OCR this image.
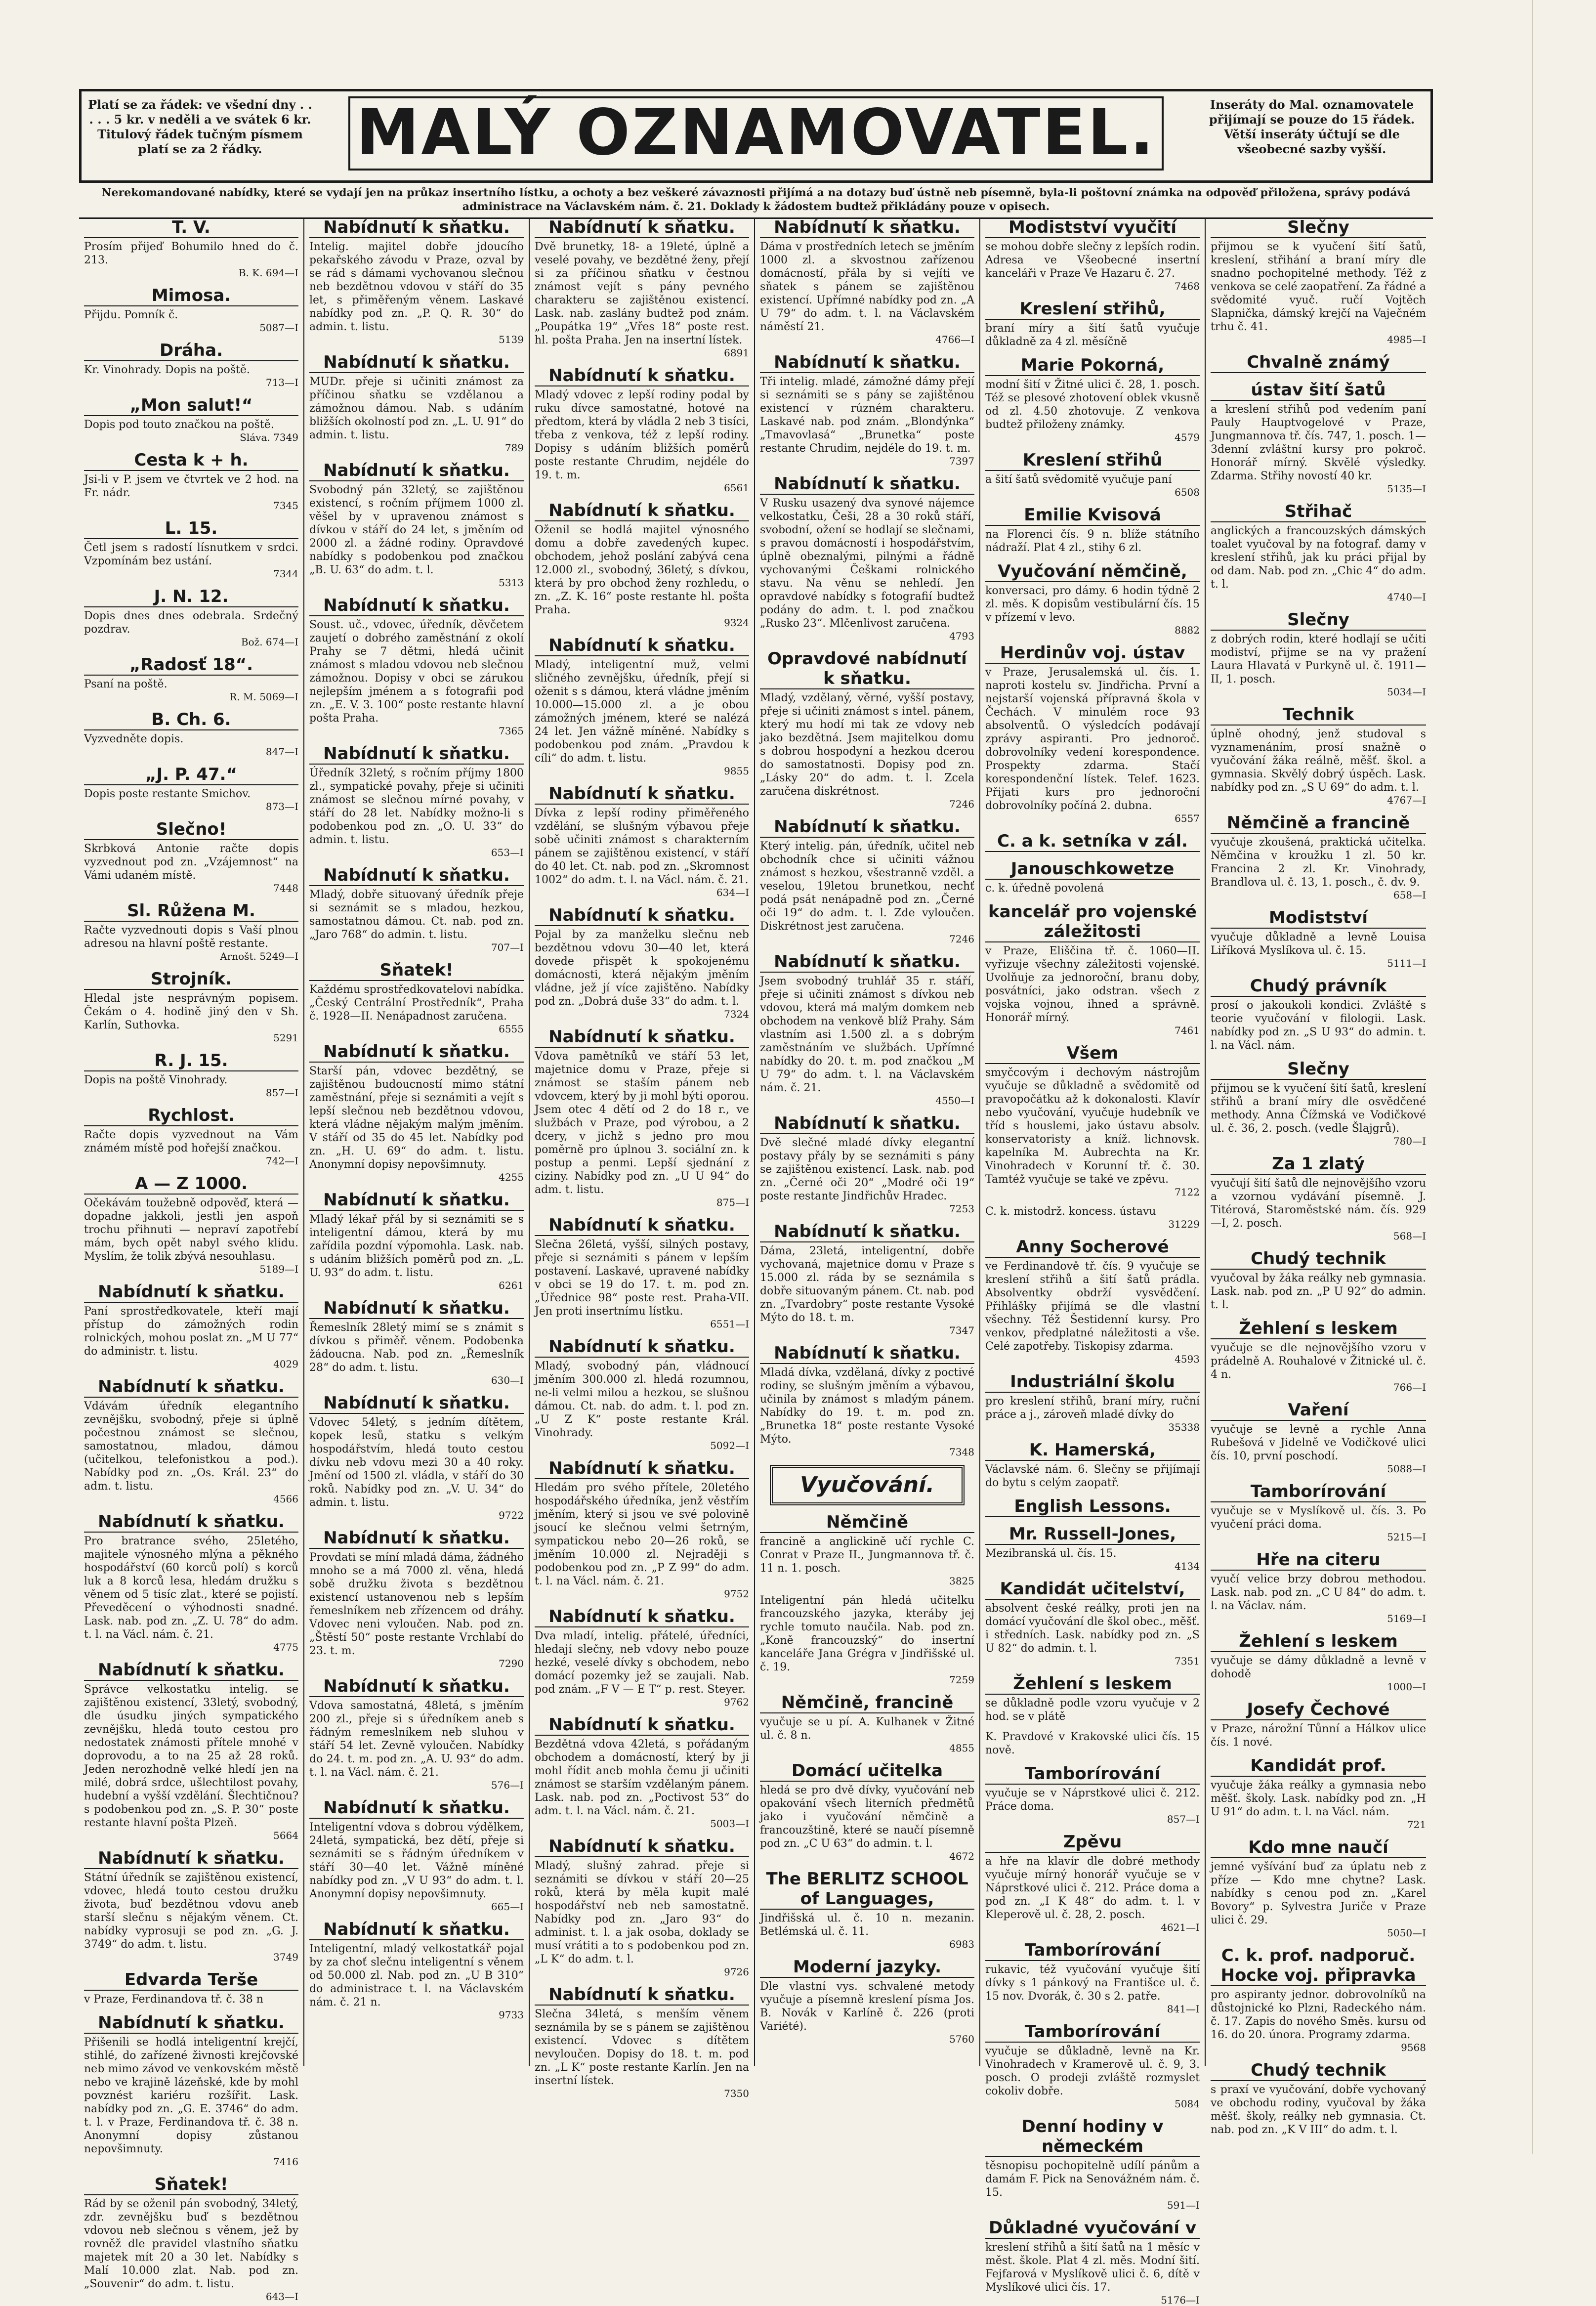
Platí se za řádek: ve všední dny . . . . . 5 kr. v neděli a ve svátek 6 kr. Titulový řádek tučným písmem platí se za 2 řádky.	MALÝ OZNAMOVATEL.	Inseráty do Mal. oznamovatele přijímají se pouze do 15 řádek. Větší inseráty účtují se dle všeobecné sazby vyšší.
Nerekomandované nabídky, které se vydají jen na průkaz insertního lístku, a ochoty a bez veškeré závaznosti přijímá a na dotazy buď ústně neb písemně, byla-li poštovní známka na odpověď přiložena, správy podává administrace na Václavském nám. č. 21. Doklady k žádostem budtež přikládány pouze v opisech.
T. V.
Prosím přijeď Bohumilo hned do č. 213.
B. K. 694—I
Mimosa.
Přijdu. Pomník č.
5087—I
Dráha.
Kr. Vinohrady. Dopis na poště.
713—I
„Mon salut!“
Dopis pod touto značkou na poště.
Sláva. 7349
Cesta k + h.
Jsi-li v P. jsem ve čtvrtek ve 2 hod. na Fr. nádr.
7345
L. 15.
Četl jsem s radostí lísnutkem v srdci. Vzpomínám bez ustání.
7344
J. N. 12.
Dopis dnes dnes odebrala. Srdečný pozdrav.
Bož. 674—I
„Radosť 18“.
Psaní na poště.
R. M. 5069—I
B. Ch. 6.
Vyzvedněte dopis.
847—I
„J. P. 47.“
Dopis poste restante Smichov.
873—I
Slečno!
Skrbková Antonie račte dopis vyzvednout pod zn. „Vzájemnost“ na Vámi udaném místě.
7448
Sl. Růžena M.
Račte vyzvednouti dopis s Vaší plnou adresou na hlavní poště restante.
Arnošt. 5249—I
Strojník.
Hledal jste nesprávným popisem. Čekám o 4. hodině jiný den v Sh. Karlín, Suthovka.
5291
R. J. 15.
Dopis na poště Vinohrady.
857—I
Rychlost.
Račte dopis vyzvednout na Vám známém místě pod hořejší značkou.
742—I
A — Z 1000.
Očekávám toužebně odpověď, která — dopadne jakkoli, jestli jen aspoň trochu přihnuti — nepraví zapotřebí mám, bych opět nabyl svého klidu. Myslím, že tolik zbývá nesouhlasu.
5189—I
Nabídnutí k sňatku.
Paní sprostředkovatele, kteří mají přístup do zámožných rodin rolnických, mohou poslat zn. „M U 77“ do administr. t. listu.
4029
Nabídnutí k sňatku.
Vdávám úředník elegantního zevnějšku, svobodný, přeje si úplně počestnou známost se slečnou, samostatnou, mladou, dámou (učitelkou, telefonistkou a pod.). Nabídky pod zn. „Os. Král. 23“ do adm. t. listu.
4566
Nabídnutí k sňatku.
Pro bratrance svého, 25letého, majitele výnosného mlýna a pěkného hospodářství (60 korců polí) s korců luk a 8 korců lesa, hledám družku s věnem od 5 tisíc zlat., které se pojistí. Převeděcení o výhodnosti snadné. Lask. nab. pod zn. „Z. U. 78“ do adm. t. l. na Václ. nám. č. 21.
4775
Nabídnutí k sňatku.
Správce velkostatku intelig. se zajištěnou existencí, 33letý, svobodný, dle úsudku jiných sympatického zevnějšku, hledá touto cestou pro nedostatek známosti přítele mnohé v doprovodu, a to na 25 až 28 roků. Jeden nerozhodně velké hledí jen na milé, dobrá srdce, ušlechtilost povahy, hudební a vyšší vzdělání. Šlechtičnou? s podobenkou pod zn. „S. P. 30“ poste restante hlavní pošta Plzeň.
5664
Nabídnutí k sňatku.
Státní úředník se zajištěnou existencí, vdovec, hledá touto cestou družku života, buď bezdětnou vdovu aneb starší slečnu s nějakým věnem. Ct. nabídky vyprosuji se pod zn. „G. J. 3749“ do adm. t. listu.
3749
Edvarda Terše
v Praze, Ferdinandova tř. č. 38 n
Nabídnutí k sňatku.
Přišenili se hodlá inteligentní krejčí, stihlé, do zařízené živnosti krejčovské neb mimo závod ve venkovském městě nebo ve krajině lázeňské, kde by mohl povznést kariéru rozšířit. Lask. nabídky pod zn. „G. E. 3746“ do adm. t. l. v Praze, Ferdinandova tř. č. 38 n. Anonymní dopisy zůstanou nepovšimnuty.
7416
Sňatek!
Rád by se oženil pán svobodný, 34letý, zdr. zevnějšku buď s bezdětnou vdovou neb slečnou s věnem, jež by rovněž dle pravidel vlastního sňatku majetek mít 20 a 30 let. Nabídky s Malí 10.000 zlat. Nab. pod zn. „Souvenir“ do adm. t. listu.
643—I
Nabídnutí k sňatku.
Intelig. majitel dobře jdoucího pekařského závodu v Praze, ozval by se rád s dámami vychovanou slečnou neb bezdětnou vdovou v stáří do 35 let, s přiměřeným věnem. Laskavé nabídky pod zn. „P. Q. R. 30“ do admin. t. listu.
5139
Nabídnutí k sňatku.
MUDr. přeje si učiniti známost za příčinou sňatku se vzdělanou a zámožnou dámou. Nab. s udáním bližších okolností pod zn. „L. U. 91“ do admin. t. listu.
789
Nabídnutí k sňatku.
Svobodný pán 32letý, se zajištěnou existencí, s ročním příjmem 1000 zl. věšel by v upravenou známost s dívkou v stáří do 24 let, s jměním od 2000 zl. a žádné rodiny. Opravdové nabídky s podobenkou pod značkou „B. U. 63“ do adm. t. l.
5313
Nabídnutí k sňatku.
Soust. uč., vdovec, úředník, děvčetem zaujetí o dobrého zaměstnání z okolí Prahy se 7 dětmi, hledá učinit známost s mladou vdovou neb slečnou zámožnou. Dopisy v obci se zárukou nejlepším jménem a s fotografii pod zn. „E. V. 3. 100“ poste restante hlavní pošta Praha.
7365
Nabídnutí k sňatku.
Úředník 32letý, s ročním příjmy 1800 zl., sympatické povahy, přeje si učiniti známost se slečnou mírné povahy, v stáří do 28 let. Nabídky možno-li s podobenkou pod zn. „O. U. 33“ do admin. t. listu.
653—I
Nabídnutí k sňatku.
Mladý, dobře situovaný úředník přeje si seznámit se s mladou, hezkou, samostatnou dámou. Ct. nab. pod zn. „Jaro 768“ do admin. t. listu.
707—I
Sňatek!
Každému sprostředkovatelovi nabídka. „Český Centrální Prostředník“, Praha č. 1928—II. Nenápadnost zaručena.
6555
Nabídnutí k sňatku.
Starší pán, vdovec bezdětný, se zajištěnou budoucností mimo státní zaměstnání, přeje si seznámiti a vejít s lepší slečnou neb bezdětnou vdovou, která vládne nějakým malým jměním. V stáří od 35 do 45 let. Nabídky pod zn. „H. U. 69“ do adm. t. listu. Anonymní dopisy nepovšimnuty.
4255
Nabídnutí k sňatku.
Mladý lékař přál by si seznámiti se s inteligentní dámou, která by mu zařídila pozdní výpomohla. Lask. nab. s udáním bližších poměrů pod zn. „L. U. 93“ do adm. t. listu.
6261
Nabídnutí k sňatku.
Řemeslník 28letý mimí se s známit s dívkou s přiměř. věnem. Podobenka žádoucna. Nab. pod zn. „Řemeslník 28“ do adm. t. listu.
630—I
Nabídnutí k sňatku.
Vdovec 54letý, s jedním dítětem, kopek lesů, statku s velkým hospodářstvím, hledá touto cestou dívku neb vdovu mezi 30 a 40 roky. Jmění od 1500 zl. vládla, v stáří do 30 roků. Nabídky pod zn. „V. U. 34“ do admin. t. listu.
9722
Nabídnutí k sňatku.
Provdati se míní mladá dáma, žádného mnoho se a má 7000 zl. věna, hledá sobě družku života s bezdětnou existencí ustanovenou neb s lepším řemeslníkem neb zřízencem od dráhy. Vdovec neni vyloučen. Nab. pod zn. „Štěstí 50“ poste restante Vrchlabí do 23. t. m.
7290
Nabídnutí k sňatku.
Vdova samostatná, 48letá, s jměním 200 zl., přeje si s úředníkem aneb s řádným remeslníkem neb sluhou v stáří 54 let. Zevně vyloučen. Nabídky do 24. t. m. pod zn. „A. U. 93“ do adm. t. l. na Václ. nám. č. 21.
576—I
Nabídnutí k sňatku.
Inteligentní vdova s dobrou výdělkem, 24letá, sympatická, bez dětí, přeje si seznámiti se s řádným úředníkem v stáří 30—40 let. Vážně míněné nabídky pod zn. „V U 93“ do adm. t. l. Anonymní dopisy nepovšimnuty.
665—I
Nabídnutí k sňatku.
Inteligentní, mladý velkostatkář pojal by za choť slečnu inteligentní s věnem od 50.000 zl. Nab. pod zn. „U B 310“ do administrace t. l. na Václavském nám. č. 21 n.
9733
Nabídnutí k sňatku.
Dvě brunetky, 18- a 19leté, úplně a veselé povahy, ve bezdětné ženy, přejí si za příčinou sňatku v čestnou známost vejít s pány pevného charakteru se zajištěnou existencí. Lask. nab. zaslány budtež pod znám. „Poupátka 19“ „Vřes 18“ poste rest. hl. pošta Praha. Jen na insertní lístek.
6891
Nabídnutí k sňatku.
Mladý vdovec z lepší rodiny podal by ruku dívce samostatné, hotové na předtom, která by vládla 2 neb 3 tisíci, třeba z venkova, též z lepší rodiny. Dopisy s udáním bližších poměrů poste restante Chrudim, nejdéle do 19. t. m.
6561
Nabídnutí k sňatku.
Oženil se hodlá majitel výnosného domu a dobře zavedených kupec. obchodem, jehož poslání zabývá cena 12.000 zl., svobodný, 36letý, s dívkou, která by pro obchod ženy rozhledu, o zn. „Z. K. 16“ poste restante hl. pošta Praha.
9324
Nabídnutí k sňatku.
Mladý, inteligentní muž, velmi sličného zevnějšku, úředník, přejí si oženit s s dámou, která vládne jměním 10.000—15.000 zl. a je obou zámožných jménem, které se nalézá 24 let. Jen vážně míněné. Nabídky s podobenkou pod znám. „Pravdou k cíli“ do adm. t. listu.
9855
Nabídnutí k sňatku.
Dívka z lepší rodiny přiměřeného vzdělání, se slušným výbavou přeje sobě učiniti známost s charakterním pánem se zajištěnou existencí, v stáří do 40 let. Ct. nab. pod zn. „Skromnost 1002“ do adm. t. l. na Václ. nám. č. 21.
634—I
Nabídnutí k sňatku.
Pojal by za manželku slečnu neb bezdětnou vdovu 30—40 let, která dovede přispět k spokojenému domácnosti, která nějakým jměním vládne, jež jí více zajištěno. Nabídky pod zn. „Dobrá duše 33“ do adm. t. l.
7324
Nabídnutí k sňatku.
Vdova pamětníků ve stáří 53 let, majetnice domu v Praze, přeje si známost se staším pánem neb vdovcem, který by ji mohl býti oporou. Jsem otec 4 dětí od 2 do 18 r., ve službách v Praze, pod výrobou, a 2 dcery, v jichž s jedno pro mou poměrně pro úplnou 3. sociální zn. k postup a penmi. Lepší sjednání z ciziny. Nabídky pod zn. „U U 94“ do adm. t. listu.
875—I
Nabídnutí k sňatku.
Slečna 26letá, vyšší, silných postavy, přeje si seznámiti s pánem v lepším postavení. Laskavé, upravené nabídky v obci se 19 do 17. t. m. pod zn. „Úřednice 98“ poste rest. Praha-VII. Jen proti insertnímu lístku.
6551—I
Nabídnutí k sňatku.
Mladý, svobodný pán, vládnoucí jměním 300.000 zl. hledá rozumnou, ne-li velmi milou a hezkou, se slušnou dámou. Ct. nab. do adm. t. l. pod zn. „U Z K“ poste restante Král. Vinohrady.
5092—I
Nabídnutí k sňatku.
Hledám pro svého přítele, 20letého hospodářského úředníka, jenž věstřím jměním, který si jsou ve své polovině jsoucí ke slečnou velmi šetrným, sympatickou nebo 20—26 roků, se jměním 10.000 zl. Nejraději s podobenkou pod zn. „P Z 99“ do adm. t. l. na Václ. nám. č. 21.
9752
Nabídnutí k sňatku.
Dva mladí, intelig. přátelé, úředníci, hledají slečny, neb vdovy nebo pouze hezké, veselé dívky s obchodem, nebo domácí pozemky jež se zaujali. Nab. pod znám. „F V — E T“ p. rest. Steyer.
9762
Nabídnutí k sňatku.
Bezdětná vdova 42letá, s pořádaným obchodem a domácností, který by ji mohl řídit aneb mohla čemu ji učiniti známost se starším vzdělaným pánem. Lask. nab. pod zn. „Poctivost 53“ do adm. t. l. na Václ. nám. č. 21.
5003—I
Nabídnutí k sňatku.
Mladý, slušný zahrad. přeje si seznámiti se dívkou v stáří 20—25 roků, která by měla kupit malé hospodářství neb neb samostatně. Nabídky pod zn. „Jaro 93“ do administ. t. l. a jak osoba, doklady se musí vrátiti a to s podobenkou pod zn. „L K“ do adm. t. l.
9726
Nabídnutí k sňatku.
Slečna 34letá, s menším věnem seznámila by se s pánem se zajištěnou existencí. Vdovec s dítětem nevyloučen. Dopisy do 18. t. m. pod zn. „L K“ poste restante Karlín. Jen na insertní lístek.
7350
Nabídnutí k sňatku.
Dáma v prostředních letech se jměním 1000 zl. a skvostnou zařízenou domácností, přála by si vejíti ve sňatek s pánem se zajištěnou existencí. Upřímné nabídky pod zn. „A U 79“ do adm. t. l. na Václavském náměstí 21.
4766—I
Nabídnutí k sňatku.
Tři intelig. mladé, zámožné dámy přejí si seznámiti se s pány se zajištěnou existencí v rúzném charakteru. Laskavé nab. pod znám. „Blondýnka“ „Tmavovlasá“ „Brunetka“ poste restante Chrudim, nejdéle do 19. t. m.
7397
Nabídnutí k sňatku.
V Rusku usazený dva synové nájemce velkostatku, Češi, 28 a 30 roků stáří, svobodní, ožení se hodlají se slečnami, s pravou domácností i hospodářstvím, úplně obeznalými, pilnými a řádně vychovanými Češkami rolnického stavu. Na věnu se nehledí. Jen opravdové nabídky s fotografií budtež podány do adm. t. l. pod značkou „Rusko 23“. Mlčenlivost zaručena.
4793
Opravdové nabídnutí k sňatku.
Mladý, vzdělaný, věrné, vyšší postavy, přeje si učiniti známost s intel. pánem, který mu hodí mi tak ze vdovy neb jako bezdětná. Jsem majitelkou domu s dobrou hospodyní a hezkou dcerou do samostatnosti. Dopisy pod zn. „Lásky 20“ do adm. t. l. Zcela zaručena diskrétnost.
7246
Nabídnutí k sňatku.
Který intelig. pán, úředník, učitel neb obchodník chce si učiniti vážnou známost s hezkou, všestranně vzděl. a veselou, 19letou brunetkou, nechť podá psát nenápadně pod zn. „Černé oči 19“ do adm. t. l. Zde vyloučen. Diskrétnost jest zaručena.
7246
Nabídnutí k sňatku.
Jsem svobodný truhlář 35 r. stáří, přeje si učiniti známost s dívkou neb vdovou, která má malým domkem neb obchodem na venkově blíž Prahy. Sám vlastním asi 1.500 zl. a s dobrým zaměstnáním ve službách. Upřímné nabídky do 20. t. m. pod značkou „M U 79“ do adm. t. l. na Václavském nám. č. 21.
4550—I
Nabídnutí k sňatku.
Dvě slečné mladé dívky elegantní postavy přály by se seznámiti s pány se zajištěnou existencí. Lask. nab. pod zn. „Černé oči 20“ „Modré oči 19“ poste restante Jindřichův Hradec.
7253
Nabídnutí k sňatku.
Dáma, 23letá, inteligentní, dobře vychovaná, majetnice domu v Praze s 15.000 zl. ráda by se seznámila s dobře situovaným pánem. Ct. nab. pod zn. „Tvardobry“ poste restante Vysoké Mýto do 18. t. m.
7347
Nabídnutí k sňatku.
Mladá dívka, vzdělaná, dívky z poctivé rodiny, se slušným jměním a výbavou, učinila by známost s mladým pánem. Nabídky do 19. t. m. pod zn. „Brunetka 18“ poste restante Vysoké Mýto.
7348
Vyučování.
Němčině
francině a anglickině učí rychle C. Conrat v Praze II., Jungmannova tř. č. 11 n. 1. posch.
3825
Inteligentní pán hledá učitelku francouzského jazyka, kteráby jej rychle tomuto naučila. Nab. pod zn. „Koně francouzský“ do insertní kanceláře Jana Grégra v Jindřišské ul. č. 19.
7259
Němčině, francině
vyučuje se u pí. A. Kulhanek v Žitné ul. č. 8 n.
4855
Domácí učitelka
hledá se pro dvě dívky, vyučování neb opakování všech literních předmětů jako i vyučování němčině a francouzštině, které se naučí písemně pod zn. „C U 63“ do admin. t. l.
4672
The BERLITZ SCHOOL of Languages,
Jindřišská ul. č. 10 n. mezanin. Betlémská ul. č. 11.
6983
Moderní jazyky.
Dle vlastní vys. schvalené metody vyučuje a písemně kreslení písma Jos. B. Novák v Karlíně č. 226 (proti Variété).
5760
Modistství vyučití
se mohou dobře slečny z lepších rodin. Adresa ve Všeobecné insertní kanceláři v Praze Ve Hazaru č. 27.
7468
Kreslení střihů,
braní míry a šití šatů vyučuje důkladně za 4 zl. měsíčně
Marie Pokorná,
modní šití v Žitné ulici č. 28, 1. posch. Též se plesové zhotovení oblek vkusně od zl. 4.50 zhotovuje. Z venkova budtež přiloženy známky.
4579
Kreslení střihů
a šití šatů svědomitě vyučuje paní
6508
Emilie Kvisová
na Florenci čís. 9 n. blíže státního nádraží. Plat 4 zl., stihy 6 zl.
Vyučování němčině,
konversaci, pro dámy. 6 hodin týdně 2 zl. měs. K dopisům vestibulární čís. 15 v přízemí v levo.
8882
Herdinův voj. ústav
v Praze, Jerusalemská ul. čís. 1. naproti kostelu sv. Jindřicha. První a nejstarší vojenská přípravná škola v Čechách. V minulém roce 93 absolventů. O výsledcích podávají zprávy aspiranti. Pro jednoroč. dobrovolníky vedení korespondence. Prospekty zdarma. Stačí korespondenční lístek. Telef. 1623. Přijati kurs pro jednoroční dobrovolníky počíná 2. dubna.
6557
C. a k. setníka v zál.
Janouschkowetze
c. k. úředně povolená
kancelář pro vojenské záležitosti
v Praze, Eliščina tř. č. 1060—II. vyřizuje všechny záležitosti vojenské. Uvolňuje za jednoroční, branu doby, posvátníci, jako odstran. všech z vojska vojnou, ihned a správně. Honorář mírný.
7461
Všem
smyčcovým i dechovým nástrojům vyučuje se důkladně a svědomitě od pravopočátku až k dokonalosti. Klavír nebo vyučování, vyučuje hudebník ve tříd s houslemi, jako ústavu absolv. konservatoristy a kníž. lichnovsk. kapelníka M. Aubrechta na Kr. Vinohradech v Korunní tř. č. 30. Tamtéž vyučuje se také ve zpěvu.
7122
C. k. mistodrž. koncess. ústavu
31229
Anny Socherové
ve Ferdinandově tř. čís. 9 vyučuje se kreslení střihů a šití šatů prádla. Absolventky obdrží vysvědčení. Přihlášky přijímá se dle vlastní všechny. Též Šestidenní kursy. Pro venkov, předplatné náležitosti a vše. Celé zapotřeby. Tiskopisy zdarma.
4593
Industriální školu
pro kreslení střihů, braní míry, ruční práce a j., zároveň mladé dívky do
35338
K. Hamerská,
Václavské nám. 6. Slečny se přijímají do bytu s celým zaopatř.
English Lessons.
Mr. Russell-Jones,
Mezibranská ul. čís. 15.
4134
Kandidát učitelství,
absolvent české reálky, proti jen na domácí vyučování dle škol obec., měšť. i středních. Lask. nabídky pod zn. „S U 82“ do admin. t. l.
7351
Žehlení s leskem
se důkladně podle vzoru vyučuje v 2 hod. se v plátě
K. Pravdové v Krakovské ulici čís. 15 nově.
Tamborírování
vyučuje se v Náprstkové ulici č. 212. Práce doma.
857—I
Zpěvu
a hře na klavír dle dobré methody vyučuje mírný honorář vyučuje se v Náprstkové ulici č. 212. Práce doma a pod zn. „I K 48“ do adm. t. l. v Kleperově ul. č. 28, 2. posch.
4621—I
Tamborírování
rukavic, též vyučování vyučuje šití dívky s 1 pánkový na Františce ul. č. 15 nov. Dvorák, č. 30 s 2. patře.
841—I
Tamborírování
vyučuje se důkladně, levně na Kr. Vinohradech v Kramerově ul. č. 9, 3. posch. O prodeji zvláště rozmyslet cokoliv dobře.
5084
Denní hodiny v německém
těsnopisu pochopitelně udílí pánům a damám F. Pick na Senovážném nám. č. 15.
591—I
Důkladné vyučování v
kreslení střihů a šití šatů na 1 měsíc v měst. škole. Plat 4 zl. měs. Modní šití. Fejfarová v Myslíkově ulici č. 6, dítě v Myslíkové ulici čís. 17.
5176—I
Slečny
přijmou se k vyučení šití šatů, kreslení, střihání a braní míry dle snadno pochopitelné methody. Též z venkova se celé zaopatření. Za řádné a svědomité vyuč. ručí Vojtěch Slapnička, dámský krejčí na Vaječném trhu č. 41.
4985—I
Chvalně známý
ústav šití šatů
a kreslení střihů pod vedením paní Pauly Hauptvogelové v Praze, Jungmannova tř. čís. 747, 1. posch. 1—3denní zvláštní kursy pro pokroč. Honorář mírný. Skvělé výsledky. Zdarma. Střihy novostí 40 kr.
5135—I
Střihač
anglických a francouzských dámských toalet vyučoval by na fotograf. damy v kreslení střihů, jak ku práci přijal by od dam. Nab. pod zn. „Chic 4“ do adm. t. l.
4740—I
Slečny
z dobrých rodin, které hodlají se učiti modiství, přijme se na vy pražení Laura Hlavatá v Purkyně ul. č. 1911—II, 1. posch.
5034—I
Technik
úplně ohodný, jenž studoval s vyznamenáním, prosí snažně o vyučování žáka reálně, měšť. škol. a gymnasia. Skvělý dobrý úspěch. Lask. nabídky pod zn. „S U 69“ do adm. t. l.
4767—I
Němčině a francině
vyučuje zkoušená, praktická učitelka. Němčina v kroužku 1 zl. 50 kr. Francina 2 zl. Kr. Vinohrady, Brandlova ul. č. 13, 1. posch., č. dv. 9.
658—I
Modistství
vyučuje důkladně a levně Louisa Liříková Myslíkova ul. č. 15.
5111—I
Chudý právník
prosí o jakoukoli kondici. Zvláště s teorie vyučování v filologii. Lask. nabídky pod zn. „S U 93“ do admin. t. l. na Václ. nám.
Slečny
přijmou se k vyučení šití šatů, kreslení střihů a braní míry dle osvědčené methody. Anna Čížmská ve Vodičkové ul. č. 36, 2. posch. (vedle Šlajgrů).
780—I
Za 1 zlatý
vyučují šití šatů dle nejnovějšího vzoru a vzornou vydávání písemně. J. Titérová, Staroměstské nám. čís. 929—I, 2. posch.
568—I
Chudý technik
vyučoval by žáka reálky neb gymnasia. Lask. nab. pod zn. „P U 92“ do admin. t. l.
Žehlení s leskem
vyučuje se dle nejnovějšího vzoru v prádelně A. Rouhalové v Žitnické ul. č. 4 n.
766—I
Vaření
vyučuje se levně a rychle Anna Rubešová v Jidelně ve Vodičkové ulici čís. 10, první poschodí.
5088—I
Tamborírování
vyučuje se v Myslíkově ul. čís. 3. Po vyučení práci doma.
5215—I
Hře na citeru
vyučí velice brzy dobrou methodou. Lask. nab. pod zn. „C U 84“ do adm. t. l. na Václav. nám.
5169—I
Žehlení s leskem
vyučuje se dámy důkladně a levně v dohodě
1000—I
Josefy Čechové
v Praze, nárožní Tůnní a Hálkov ulice čís. 1 nové.
Kandidát prof.
vyučuje žáka reálky a gymnasia nebo měšť. školy. Lask. nabídky pod zn. „H U 91“ do adm. t. l. na Václ. nám.
721
Kdo mne naučí
jemné vyšívání buď za úplatu neb z příze — Kdo mne chytne? Lask. nabídky s cenou pod zn. „Karel Bovory“ p. Sylvestra Juriče v Praze ulici č. 29.
5050—I
C. k. prof. nadporuč. Hocke voj. připravka
pro aspiranty jednor. dobrovolníků na důstojnické ko Plzni, Radeckého nám. č. 17. Zapis do nového Směs. kursu od 16. do 20. února. Programy zdarma.
9568
Chudý technik
s praxí ve vyučování, dobře vychovaný ve obchodu rodiny, vyučoval by žáka měšť. školy, reálky neb gymnasia. Ct. nab. pod zn. „K V III“ do adm. t. l.
